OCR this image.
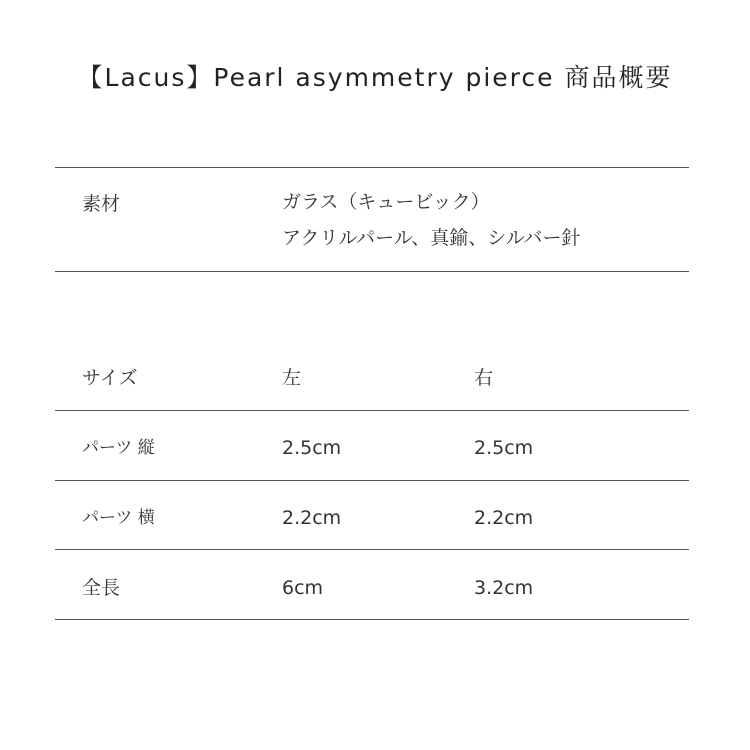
【Lacus】Pearl asymmetry pierce 商品概要
素材	ガラス（キュービック）
アクリルパール、真鍮、シルバー針
サイズ	左	右
パーツ 縦	2.5cm	2.5cm
パーツ 横	2.2cm	2.2cm
全長	6cm	3.2cm
